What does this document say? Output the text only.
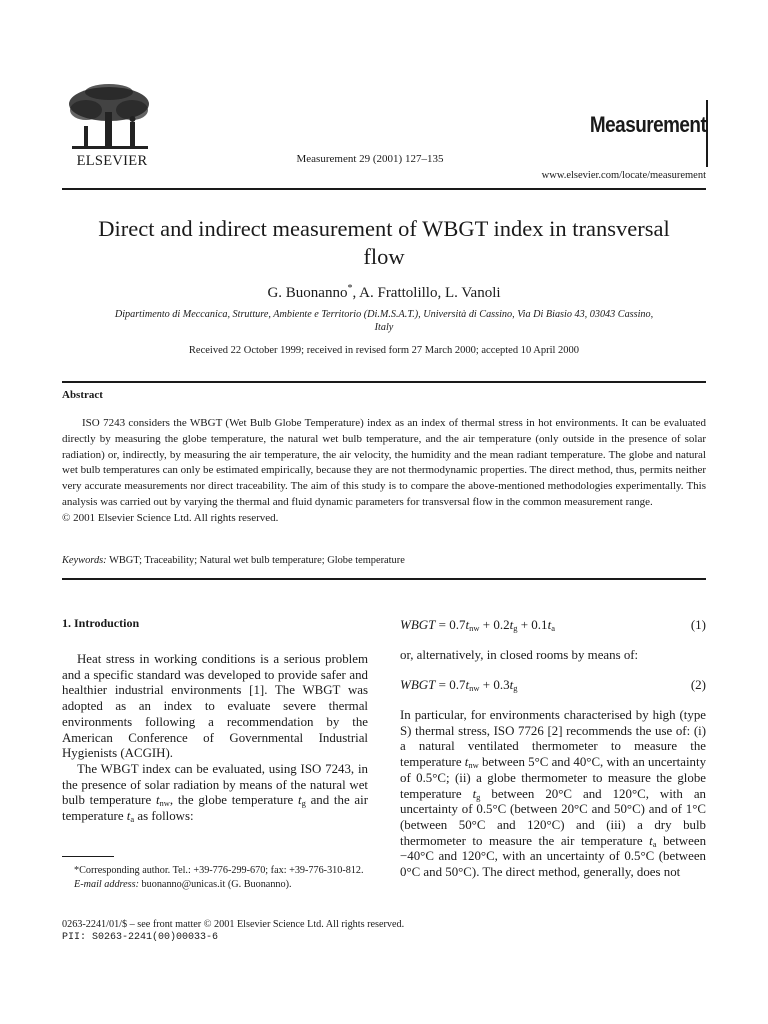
ELSEVIER	Measurement 29 (2001) 127–135
Measurement
www.elsevier.com/locate/measurement
Direct and indirect measurement of WBGT index in transversal
flow
G. Buonanno*, A. Frattolillo, L. Vanoli
Dipartimento di Meccanica, Strutture, Ambiente e Territorio (Di.M.S.A.T.), Università di Cassino, Via Di Biasio 43, 03043 Cassino,
Italy
Received 22 October 1999; received in revised form 27 March 2000; accepted 10 April 2000
Abstract

ISO 7243 considers the WBGT (Wet Bulb Globe Temperature) index as an index of thermal stress in hot environments. It can be evaluated directly by measuring the globe temperature, the natural wet bulb temperature, and the air temperature (only outside in the presence of solar radiation) or, indirectly, by measuring the air temperature, the air velocity, the humidity and the mean radiant temperature. The globe and natural wet bulb temperatures can only be estimated empirically, because they are not thermodynamic properties. The direct method, thus, permits neither very accurate measurements nor direct traceability. The aim of this study is to compare the above-mentioned methodologies experimentally. This analysis was carried out by varying the thermal and fluid dynamic parameters for transversal flow in the common measurement range.

© 2001 Elsevier Science Ltd. All rights reserved.

Keywords: WBGT; Traceability; Natural wet bulb temperature; Globe temperature
1. Introduction

Heat stress in working conditions is a serious problem and a specific standard was developed to provide safer and healthier industrial environments [1]. The WBGT was adopted as an index to evaluate severe thermal environments following a recommendation by the American Conference of Governmental Industrial Hygienists (ACGIH).

The WBGT index can be evaluated, using ISO 7243, in the presence of solar radiation by means of the natural wet bulb temperature $t_{nw}$, the globe temperature $t_g$ and the air temperature $t_a$ as follows:

*Corresponding author. Tel.: +39-776-299-670; fax: +39-776-310-812.

E-mail address: buonanno@unicas.it (G. Buonanno).

WBGT = $0.7t_{nw} + 0.2t_g + 0.1t_a$	(1)
or, alternatively, in closed rooms by means of:
WBGT = $0.7t_{nw} + 0.3t_g$	(2)

In particular, for environments characterised by high (type S) thermal stress, ISO 7726 [2] recommends the use of: (i) a natural ventilated thermometer to measure the temperature $t_{nw}$ between 5°C and 40°C, with an uncertainty of 0.5°C; (ii) a globe thermometer to measure the globe temperature $t_g$ between 20°C and 120°C, with an uncertainty of 0.5°C (between 20°C and 50°C) and of 1°C (between 50°C and 120°C) and (iii) a dry bulb thermometer to measure the air temperature $t_a$ between −40°C and 120°C, with an uncertainty of 0.5°C (between 0°C and 50°C). The direct method, generally, does not

0263-2241/01/$ – see front matter © 2001 Elsevier Science Ltd. All rights reserved.
PII: S0263-2241(00)00033-6
